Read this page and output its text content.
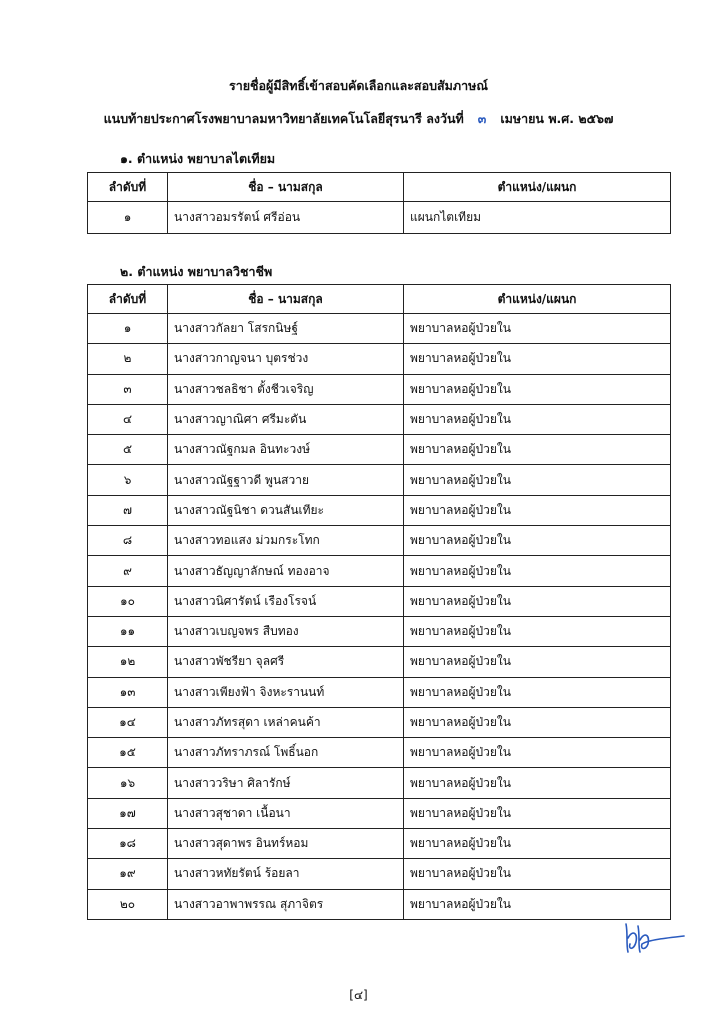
รายชื่อผู้มีสิทธิ์เข้าสอบคัดเลือกและสอบสัมภาษณ์
แนบท้ายประกาศโรงพยาบาลมหาวิทยาลัยเทคโนโลยีสุรนารี ลงวันที่ ๓ เมษายน พ.ศ. ๒๕๖๗
๑. ตำแหน่ง พยาบาลไตเทียม
ลำดับที่	ชื่อ – นามสกุล	ตำแหน่ง/แผนก
๑	นางสาวอมรรัตน์ ศรีอ่อน	แผนกไตเทียม
๒. ตำแหน่ง พยาบาลวิชาชีพ
ลำดับที่	ชื่อ – นามสกุล	ตำแหน่ง/แผนก
๑	นางสาวกัลยา โสรกนิษฐ์	พยาบาลหอผู้ป่วยใน
๒	นางสาวกาญจนา บุตรช่วง	พยาบาลหอผู้ป่วยใน
๓	นางสาวชลธิชา ตั้งชีวเจริญ	พยาบาลหอผู้ป่วยใน
๔	นางสาวญาณิศา ศรีมะดัน	พยาบาลหอผู้ป่วยใน
๕	นางสาวณัฐกมล อินทะวงษ์	พยาบาลหอผู้ป่วยใน
๖	นางสาวณัฐฐาวดี พูนสวาย	พยาบาลหอผู้ป่วยใน
๗	นางสาวณัฐนิชา ดวนสันเทียะ	พยาบาลหอผู้ป่วยใน
๘	นางสาวทอแสง ม่วมกระโทก	พยาบาลหอผู้ป่วยใน
๙	นางสาวธัญญาลักษณ์ ทองอาจ	พยาบาลหอผู้ป่วยใน
๑๐	นางสาวนิศารัตน์ เรืองโรจน์	พยาบาลหอผู้ป่วยใน
๑๑	นางสาวเบญจพร สืบทอง	พยาบาลหอผู้ป่วยใน
๑๒	นางสาวพัชรียา จุลศรี	พยาบาลหอผู้ป่วยใน
๑๓	นางสาวเพียงฟ้า จิงหะรานนท์	พยาบาลหอผู้ป่วยใน
๑๔	นางสาวภัทรสุดา เหล่าคนค้า	พยาบาลหอผู้ป่วยใน
๑๕	นางสาวภัทราภรณ์ โพธิ์นอก	พยาบาลหอผู้ป่วยใน
๑๖	นางสาววริษา ศิลารักษ์	พยาบาลหอผู้ป่วยใน
๑๗	นางสาวสุชาดา เนื้อนา	พยาบาลหอผู้ป่วยใน
๑๘	นางสาวสุดาพร อินทร์หอม	พยาบาลหอผู้ป่วยใน
๑๙	นางสาวหทัยรัตน์ ร้อยลา	พยาบาลหอผู้ป่วยใน
๒๐	นางสาวอาพาพรรณ สุภาจิตร	พยาบาลหอผู้ป่วยใน
[๔]
